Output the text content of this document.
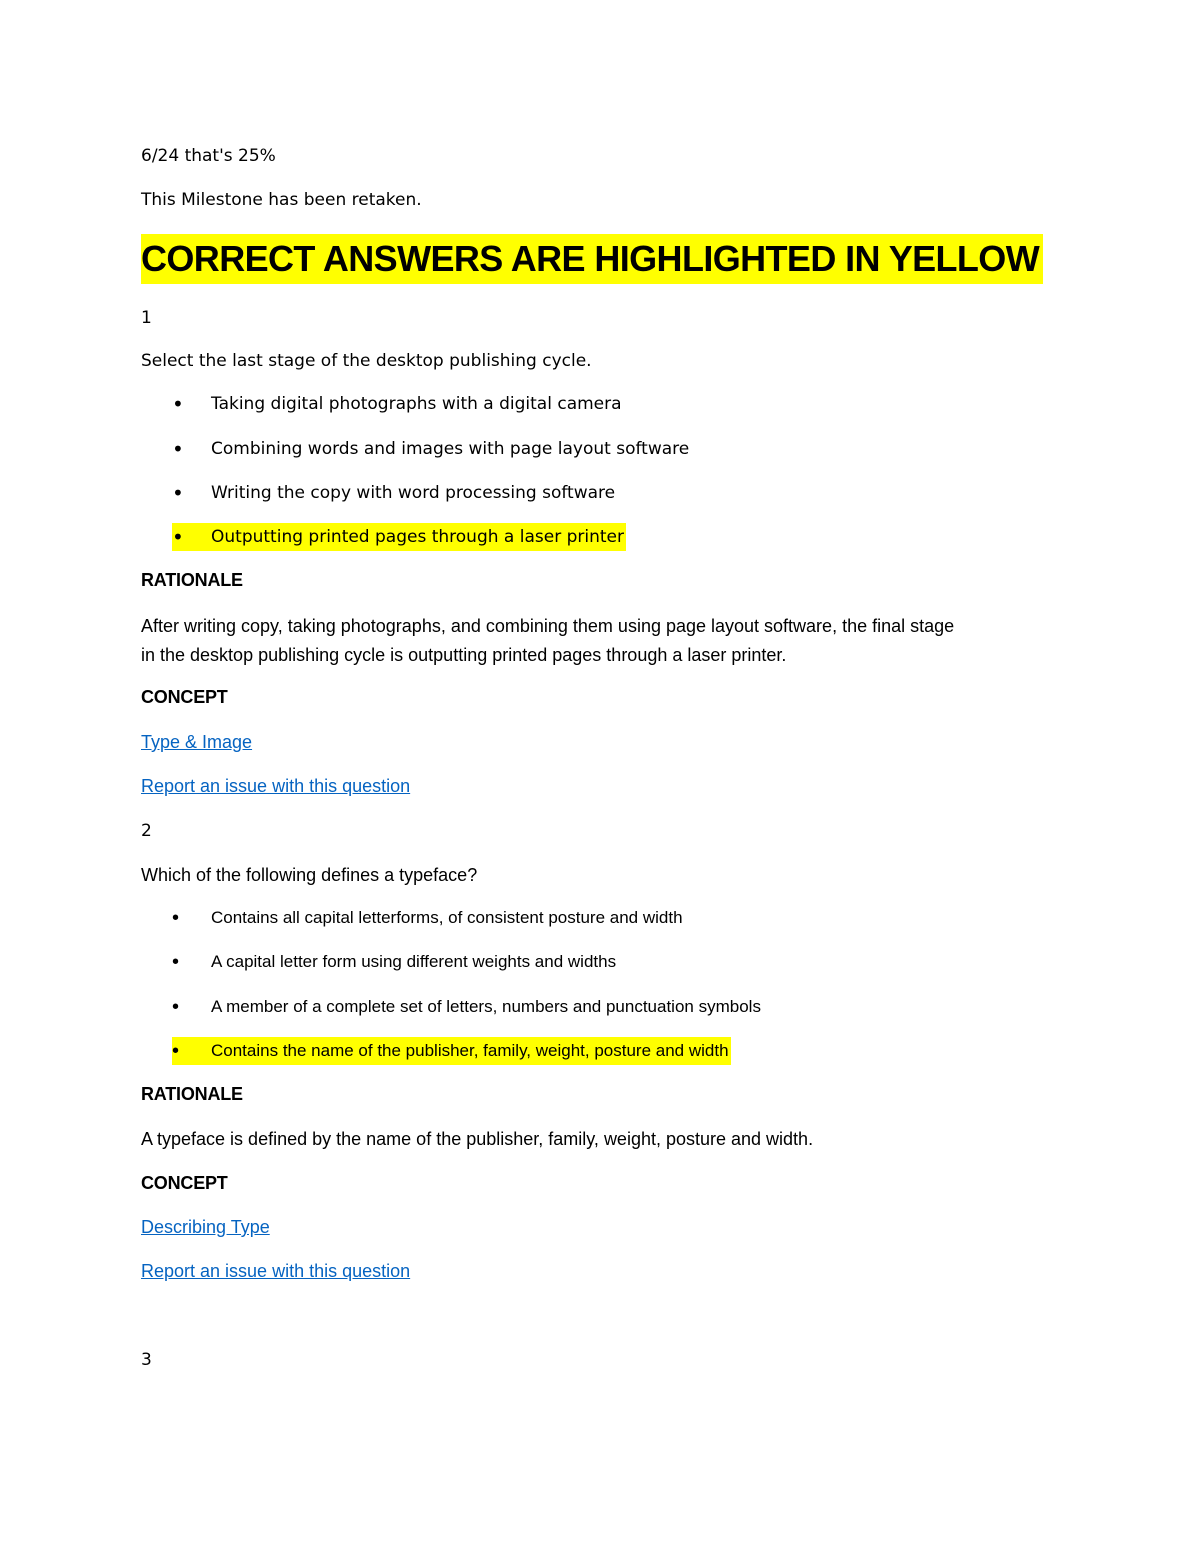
6/24 that's 25%
This Milestone has been retaken.
CORRECT ANSWERS ARE HIGHLIGHTED IN YELLOW
1
Select the last stage of the desktop publishing cycle.
• Taking digital photographs with a digital camera
• Combining words and images with page layout software
• Writing the copy with word processing software
• Outputting printed pages through a laser printer
RATIONALE
After writing copy, taking photographs, and combining them using page layout software, the final stage
in the desktop publishing cycle is outputting printed pages through a laser printer.
CONCEPT
Type & Image
Report an issue with this question
2
Which of the following defines a typeface?
• Contains all capital letterforms, of consistent posture and width
• A capital letter form using different weights and widths
• A member of a complete set of letters, numbers and punctuation symbols
• Contains the name of the publisher, family, weight, posture and width
RATIONALE
A typeface is defined by the name of the publisher, family, weight, posture and width.
CONCEPT
Describing Type
Report an issue with this question
3
